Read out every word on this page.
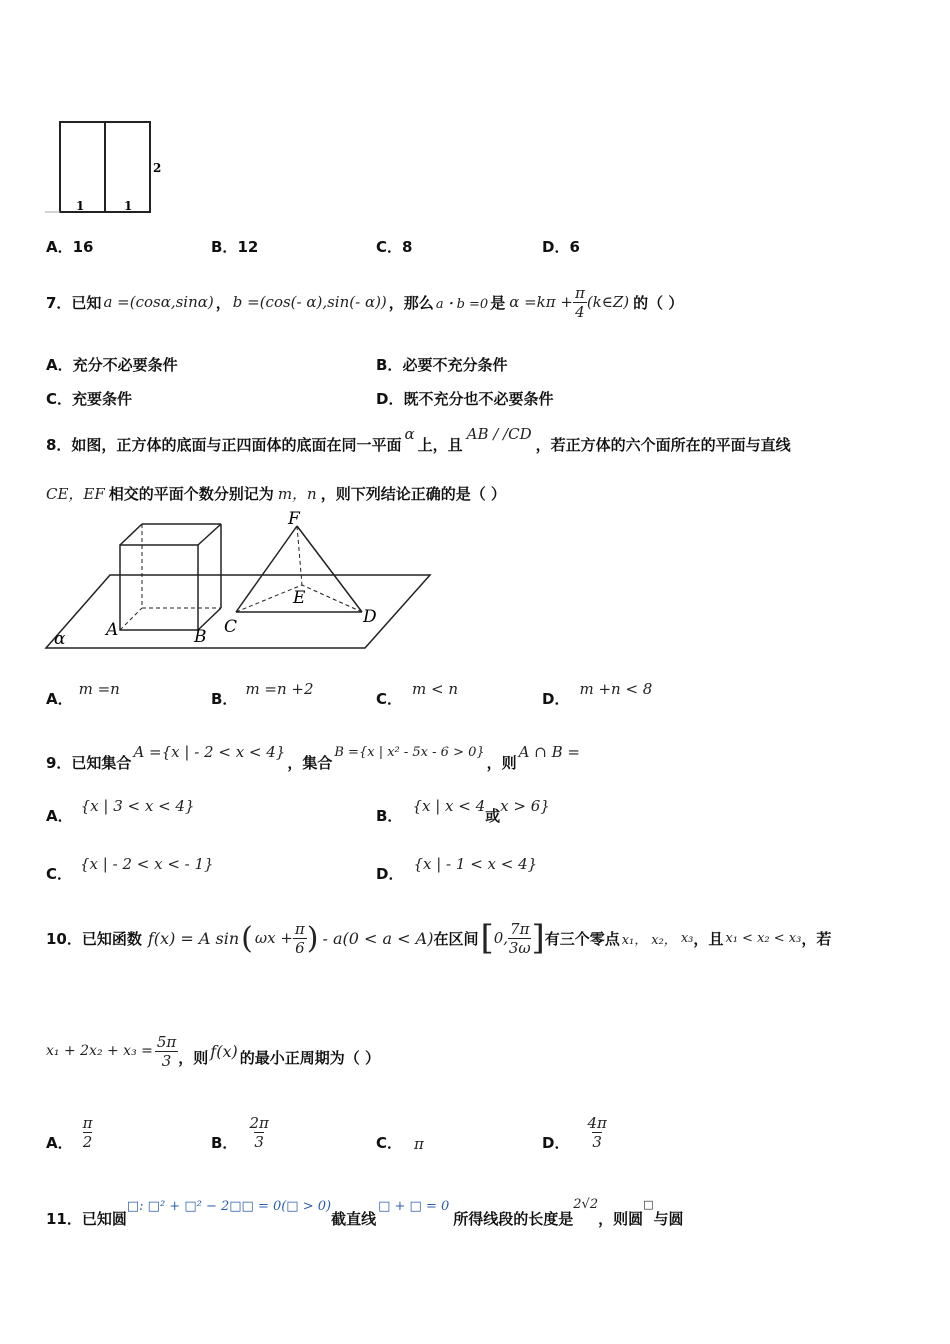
2
1	1
A．16	B．12	C．8	D．6
7．已知 a =(cosα,sinα) ， b =(cos(- α),sin(- α)) ，那么 a・b =0 是 $\alpha =k\pi + \frac{\pi}{4}$ (k∈Z) 的（ ）
A．充分不必要条件	B．必要不充分条件
C．充要条件	D．既不充分也不必要条件
8．如图，正方体的底面与正四面体的底面在同一平面
α
上，且
AB / /CD
，若正方体的六个面所在的平面与直线
CE，EF 相交的平面个数分别记为 m，n ，则下列结论正确的是（ ）
F
E
A	B C	D
α
A．m =n
B．m =n +2
C．m < n
D．m +n < 8
9．已知集合
A ={x | - 2 < x < 4}
，集合
B ={x | x² - 5x - 6 > 0}
，则
A ∩ B =
A．{x | 3 < x < 4}
B．{x | x < 4或x > 6}
C．{x | - 2 < x < - 1}
D．{x | - 1 < x < 4}
10．已知函数 f(x) = A sin ( $\omega x + \frac{\pi}{6}$ ) - a(0 < a < A) 在区间 [ 0, $\frac{7\pi}{3\omega}$ ] 有三个零点 x₁， x₂， x₃ ，且 x₁ < x₂ < x₃ ，若
$x_1 + 2x_2 + x_3 = \frac{5\pi}{3}$ ，则 f(x) 的最小正周期为（ ）
A． $\frac{\pi}{2}$	B． $\frac{2\pi}{3}$	C． π	D． $\frac{4\pi}{3}$
11．已知圆
□: □² + □² − 2□□ = 0(□ > 0)
截直线
□ + □ = 0
所得线段的长度是
2√2
，则圆
□
与圆
